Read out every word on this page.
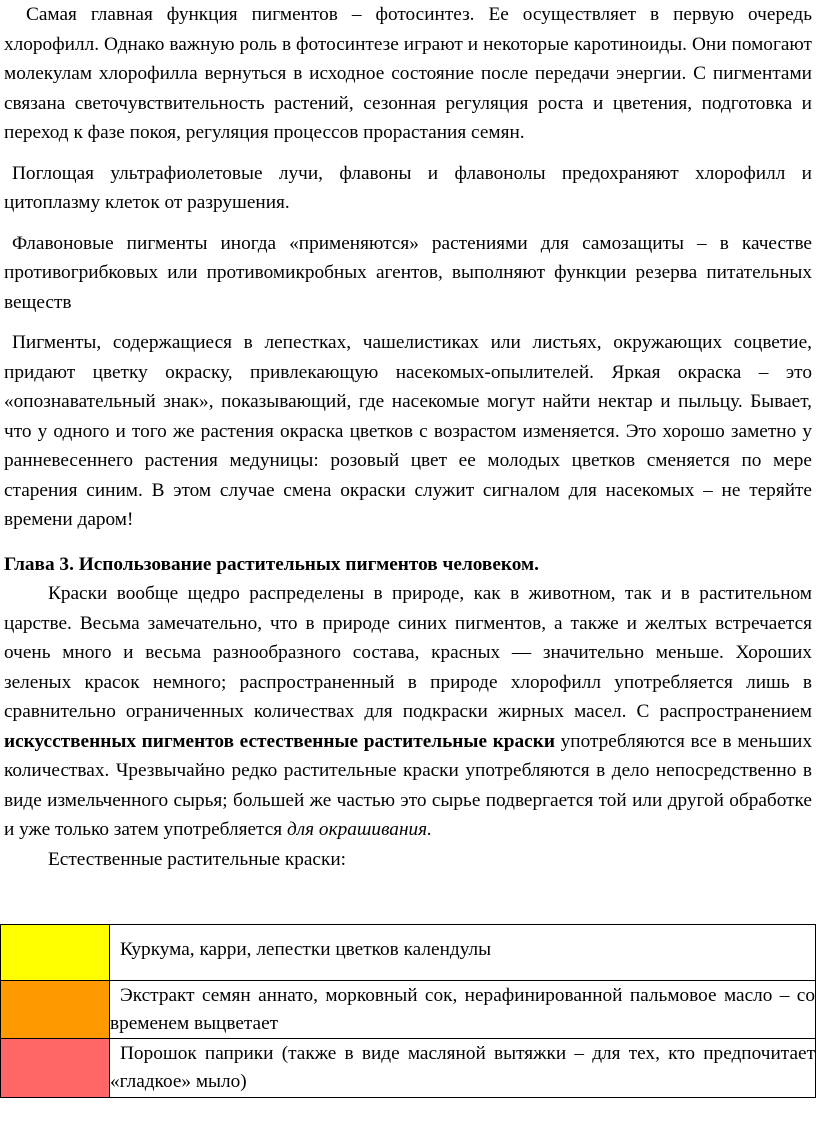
Самая главная функция пигментов – фотосинтез. Ее осуществляет в первую очередь хлорофилл. Однако важную роль в фотосинтезе играют и некоторые каротиноиды. Они помогают молекулам хлорофилла вернуться в исходное состояние после передачи энергии. С пигментами связана светочувствительность растений, сезонная регуляция роста и цветения, подготовка и переход к фазе покоя, регуляция процессов прорастания семян.

Поглощая ультрафиолетовые лучи, флавоны и флавонолы предохраняют хлорофилл и цитоплазму клеток от разрушения.

Флавоновые пигменты иногда «применяются» растениями для самозащиты – в качестве противогрибковых или противомикробных агентов, выполняют функции резерва питательных веществ

Пигменты, содержащиеся в лепестках, чашелистиках или листьях, окружающих соцветие, придают цветку окраску, привлекающую насекомых-опылителей. Яркая окраска – это «опознавательный знак», показывающий, где насекомые могут найти нектар и пыльцу. Бывает, что у одного и того же растения окраска цветков с возрастом изменяется. Это хорошо заметно у ранневесеннего растения медуницы: розовый цвет ее молодых цветков сменяется по мере старения синим. В этом случае смена окраски служит сигналом для насекомых – не теряйте времени даром!

Глава 3. Использование растительных пигментов человеком.

Краски вообще щедро распределены в природе, как в животном, так и в растительном царстве. Весьма замечательно, что в природе синих пигментов, а также и желтых встречается очень много и весьма разнообразного состава, красных — значительно меньше. Хороших зеленых красок немного; распространенный в природе хлорофилл употребляется лишь в сравнительно ограниченных количествах для подкраски жирных масел. С распространением искусственных пигментов естественные растительные краски употребляются все в меньших количествах. Чрезвычайно редко растительные краски употребляются в дело непосредственно в виде измельченного сырья; большей же частью это сырье подвергается той или другой обработке и уже только затем употребляется для окрашивания.

Естественные растительные краски:

	Куркума, карри, лепестки цветков календулы

	Экстракт семян аннато, морковный сок, нерафинированной пальмовое масло – со временем выцветает

	Порошок паприки (также в виде масляной вытяжки – для тех, кто предпочитает «гладкое» мыло)
